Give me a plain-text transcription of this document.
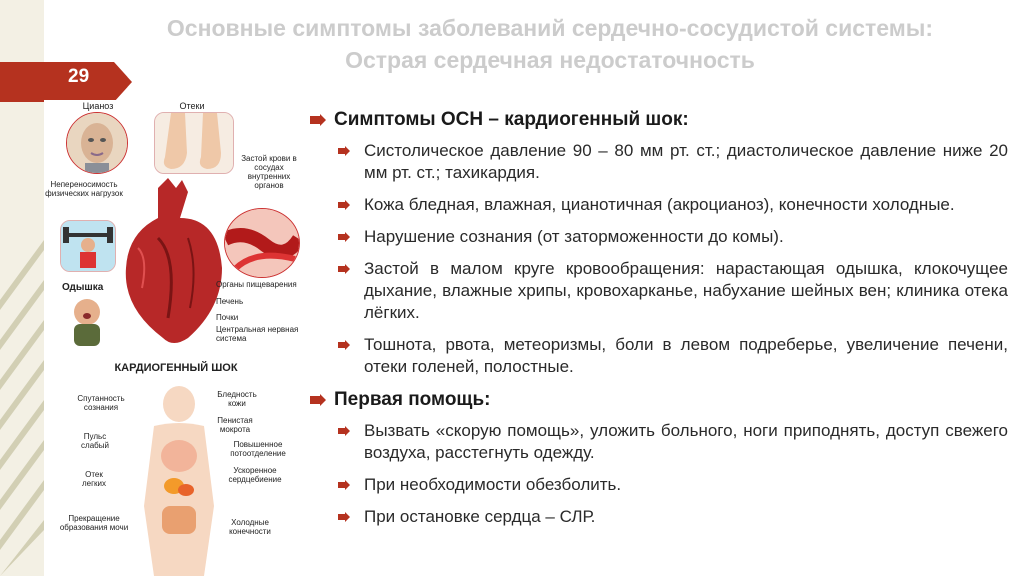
Основные симптомы заболеваний сердечно-сосудистой системы: Острая сердечная недостаточность
29
Цианоз	Отеки
Застой крови в сосудах внутренних органов
Непереносимость физических нагрузок
Одышка	Органы пищеварения
Печень
Почки
Центральная нервная система
КАРДИОГЕННЫЙ ШОК
Спутанность сознания
Бледность кожи
Пенистая мокрота
Пульс слабый	Повышенное потоотделение
Отек легких
Ускоренное сердцебиение
Прекращение образования мочи
Холодные конечности
Симптомы ОСН – кардиогенный шок:
Систолическое давление 90 – 80 мм рт. ст.; диастолическое давление ниже 20 мм рт. ст.; тахикардия.
Кожа бледная, влажная, цианотичная (акроцианоз), конечности холодные.
Нарушение сознания (от заторможенности до комы).
Застой в малом круге кровообращения: нарастающая одышка, клокочущее дыхание, влажные хрипы, кровохарканье, набухание шейных вен; клиника отека лёгких.
Тошнота, рвота, метеоризмы, боли в левом подреберье, увеличение печени, отеки голеней, полостные.
Первая помощь:
Вызвать «скорую помощь», уложить больного, ноги приподнять, доступ свежего воздуха, расстегнуть одежду.
При необходимости обезболить.
При остановке сердца – СЛР.
